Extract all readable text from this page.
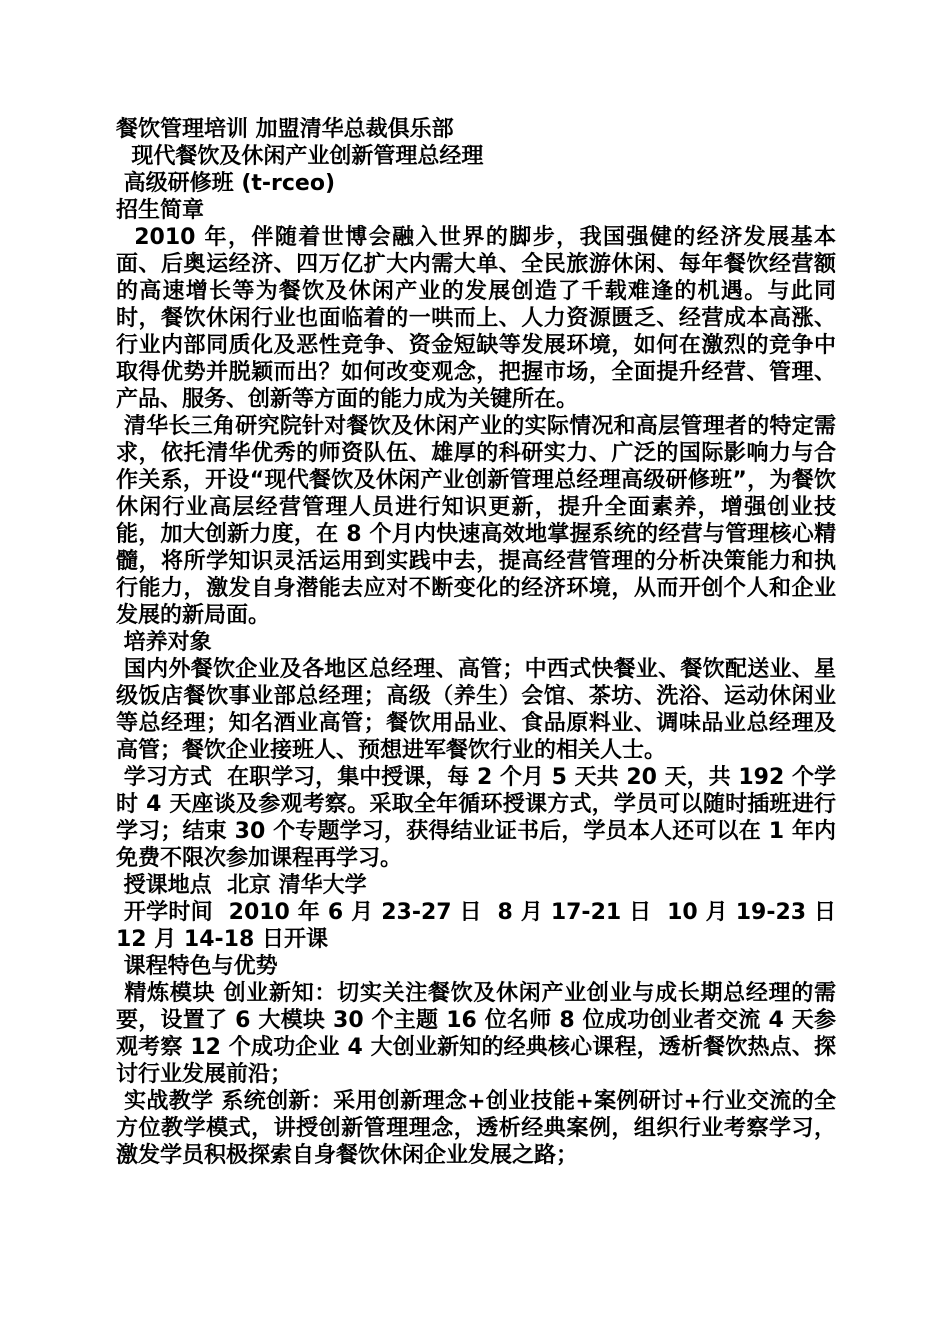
餐饮管理培训 加盟清华总裁俱乐部

现代餐饮及休闲产业创新管理总经理

高级研修班 (t-rceo)

招生简章

2010 年，伴随着世博会融入世界的脚步，我国强健的经济发展基本面、后奥运经济、四万亿扩大内需大单、全民旅游休闲、每年餐饮经营额的高速增长等为餐饮及休闲产业的发展创造了千载难逢的机遇。与此同时，餐饮休闲行业也面临着的一哄而上、人力资源匮乏、经营成本高涨、行业内部同质化及恶性竞争、资金短缺等发展环境，如何在激烈的竞争中取得优势并脱颖而出？如何改变观念，把握市场，全面提升经营、管理、产品、服务、创新等方面的能力成为关键所在。

清华长三角研究院针对餐饮及休闲产业的实际情况和高层管理者的特定需求，依托清华优秀的师资队伍、雄厚的科研实力、广泛的国际影响力与合作关系，开设“现代餐饮及休闲产业创新管理总经理高级研修班”，为餐饮休闲行业高层经营管理人员进行知识更新，提升全面素养，增强创业技能，加大创新力度，在 8 个月内快速高效地掌握系统的经营与管理核心精髓，将所学知识灵活运用到实践中去，提高经营管理的分析决策能力和执行能力，激发自身潜能去应对不断变化的经济环境，从而开创个人和企业发展的新局面。

培养对象

国内外餐饮企业及各地区总经理、高管；中西式快餐业、餐饮配送业、星级饭店餐饮事业部总经理；高级（养生）会馆、茶坊、洗浴、运动休闲业等总经理；知名酒业高管；餐饮用品业、食品原料业、调味品业总经理及高管；餐饮企业接班人、预想进军餐饮行业的相关人士。

学习方式  在职学习，集中授课，每 2 个月 5 天共 20 天，共 192 个学时 4 天座谈及参观考察。采取全年循环授课方式，学员可以随时插班进行学习；结束 30 个专题学习，获得结业证书后，学员本人还可以在 1 年内免费不限次参加课程再学习。

授课地点  北京 清华大学

开学时间  2010 年 6 月 23-27 日  8 月 17-21 日  10 月 19-23 日 12 月 14-18 日开课

课程特色与优势

精炼模块 创业新知：切实关注餐饮及休闲产业创业与成长期总经理的需要，设置了 6 大模块 30 个主题 16 位名师 8 位成功创业者交流 4 天参观考察 12 个成功企业 4 大创业新知的经典核心课程，透析餐饮热点、探讨行业发展前沿；

实战教学 系统创新：采用创新理念+创业技能+案例研讨+行业交流的全方位教学模式，讲授创新管理理念，透析经典案例，组织行业考察学习，激发学员积极探索自身餐饮休闲企业发展之路；
